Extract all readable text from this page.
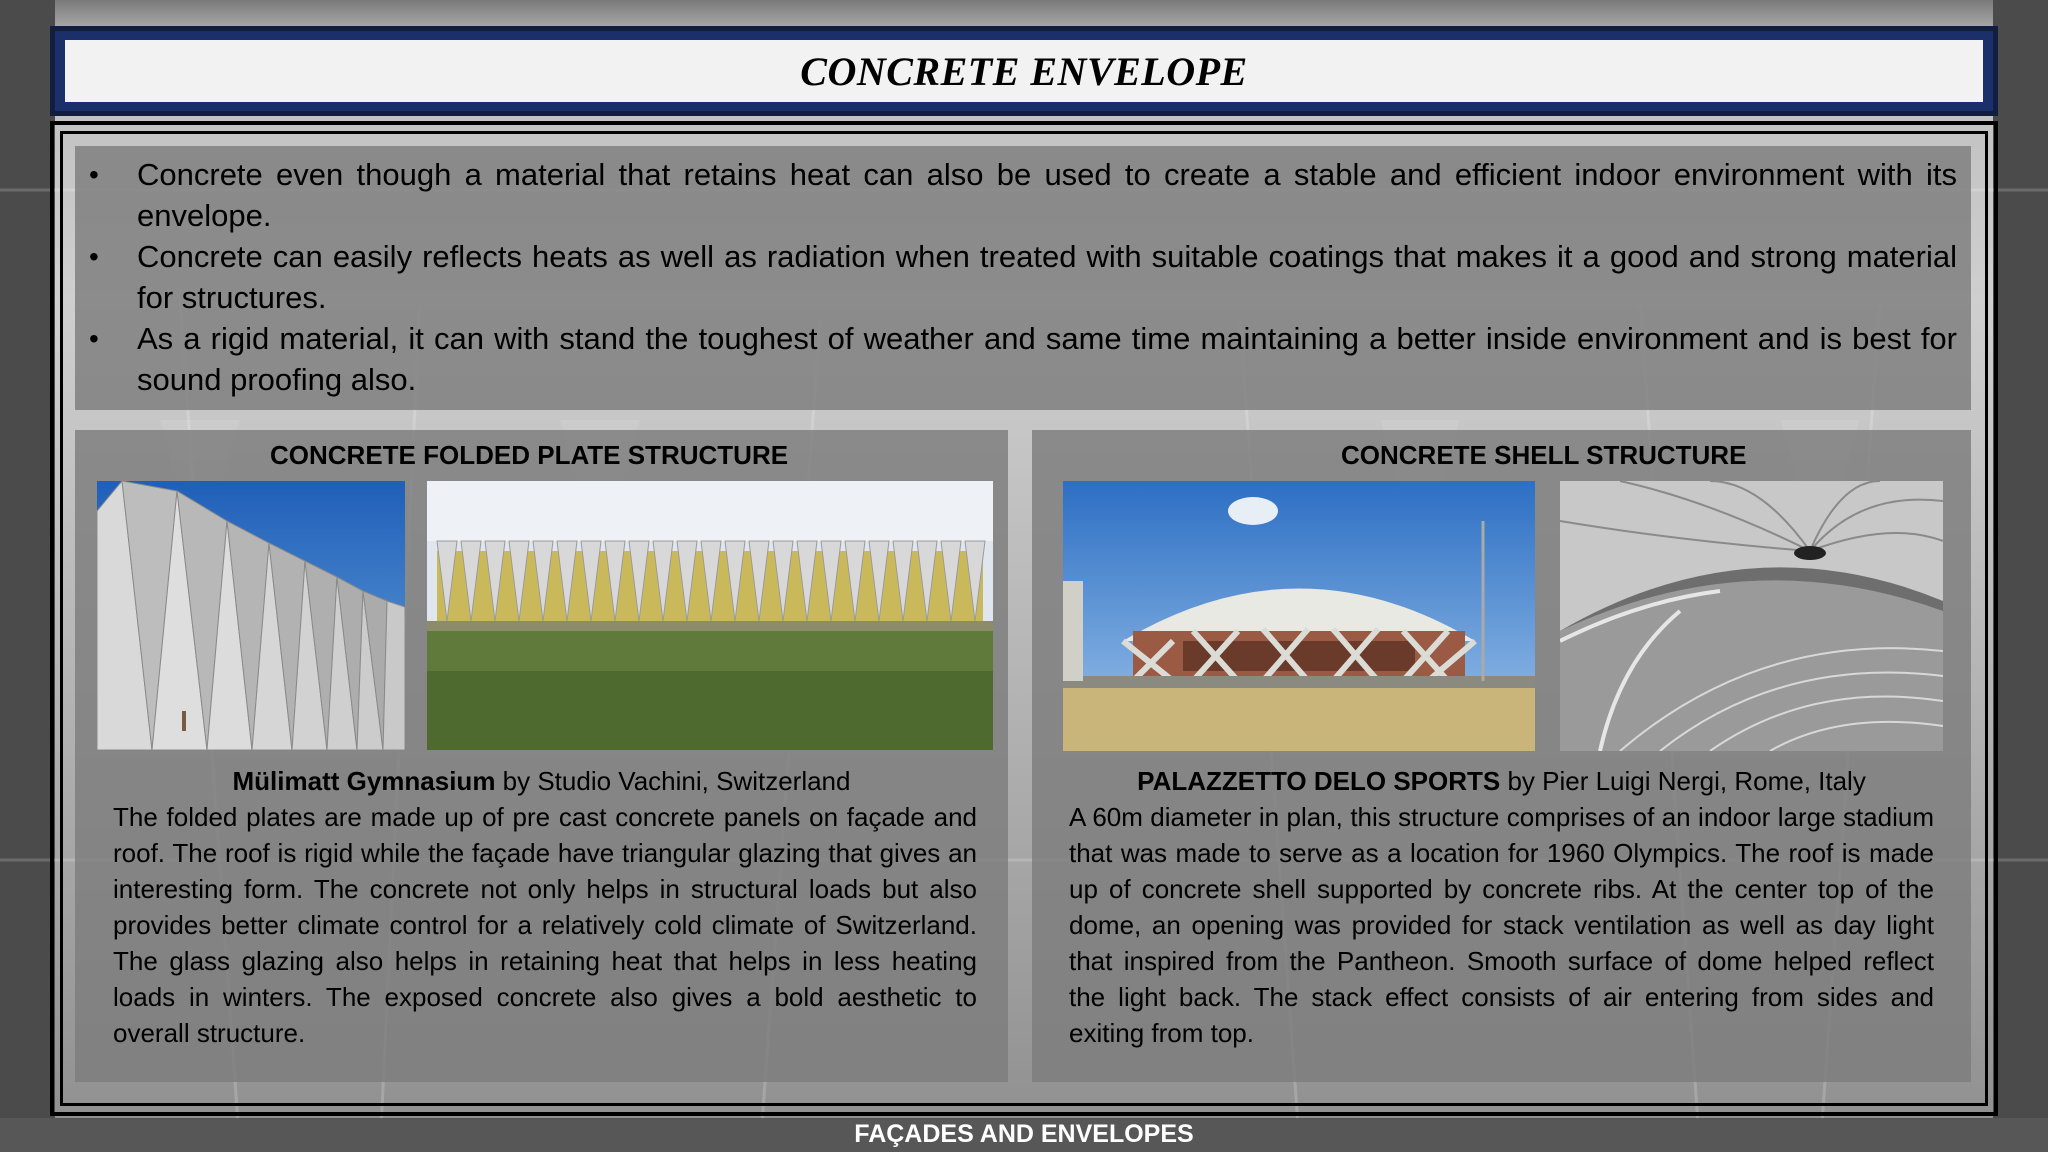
CONCRETE ENVELOPE
• Concrete even though a material that retains heat can also be used to create a stable and efficient indoor environment with its envelope.
• Concrete can easily reflects heats as well as radiation when treated with suitable coatings that makes it a good and strong material for structures.
• As a rigid material, it can with stand the toughest of weather and same time maintaining a better inside environment and is best for sound proofing also.
CONCRETE FOLDED PLATE STRUCTURE
Mülimatt Gymnasium by Studio Vachini, Switzerland
The folded plates are made up of pre cast concrete panels on façade and roof. The roof is rigid while the façade have triangular glazing that gives an interesting form. The concrete not only helps in structural loads but also provides better climate control for a relatively cold climate of Switzerland. The glass glazing also helps in retaining heat that helps in less heating loads in winters. The exposed concrete also gives a bold aesthetic to overall structure.
CONCRETE SHELL STRUCTURE
PALAZZETTO DELO SPORTS by Pier Luigi Nergi, Rome, Italy
A 60m diameter in plan, this structure comprises of an indoor large stadium that was made to serve as a location for 1960 Olympics. The roof is made up of concrete shell supported by concrete ribs. At the center top of the dome, an opening was provided for stack ventilation as well as day light that inspired from the Pantheon. Smooth surface of dome helped reflect the light back. The stack effect consists of air entering from sides and exiting from top.
FAÇADES AND ENVELOPES
